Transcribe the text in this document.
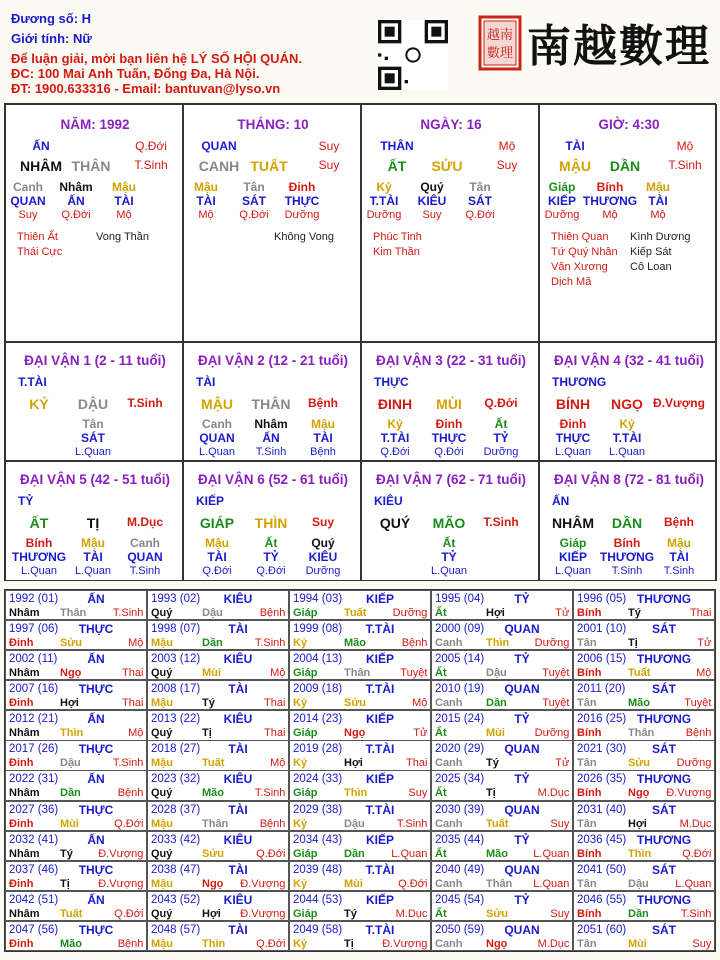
Đương số: H
Giới tính: Nữ
Để luận giải, mời bạn liên hệ LÝ SỐ HỘI QUÁN.
ĐC: 100 Mai Anh Tuấn, Đống Đa, Hà Nội.
ĐT: 1900.633316 - Email: bantuvan@lyso.vn
越南
數理 南越數理
NĂM: 1992
ẤN	Q.Đới
NHÂM THÂN T.Sinh
Canh Nhâm Mậu
QUAN ẤN TÀI
Suy Q.Đới Mộ
Thiên Ất
Thái Cực
Vong Thần
THÁNG: 10
QUAN	Suy
CANH TUẤT	Suy
Mậu Tân Đinh
TÀI SÁT THỰC
Mộ Q.Đới Dưỡng
Không Vong
NGÀY: 16
THÂN	Mộ
ẤT SỬU	Suy
Kỷ Quý Tân
T.TÀI KIÊU SÁT
Dưỡng Suy Q.Đới
Phúc Tinh
Kim Thần
GIỜ: 4:30
TÀI	Mộ
MẬU DẦN T.Sinh
Giáp Bính Mậu
KIẾP THƯƠNG TÀI
Dưỡng Mộ	Mộ
Thiên Quan
Tứ Quý Nhân
Văn Xương
Dịch Mã
Kình Dương
Kiếp Sát
Cô Loan
ĐẠI VẬN 1 (2 - 11 tuổi)
T.TÀI
KỶ DẬU T.Sinh
Tân
SÁT
L.Quan
ĐẠI VẬN 2 (12 - 21 tuổi)
TÀI
MẬU THÂN Bệnh
Canh Nhâm Mậu
QUAN ẤN	TÀI
L.Quan T.Sinh Bệnh
ĐẠI VẬN 3 (22 - 31 tuổi)
THỰC
ĐINH MÙI Q.Đới
Kỷ	Đinh	Ất
T.TÀI THỰC TỶ
Q.Đới Q.Đới Dưỡng
ĐẠI VẬN 4 (32 - 41 tuổi)
THƯƠNG
BÍNH NGỌ Đ.Vượng
Đinh	Kỷ
THỰC T.TÀI
L.Quan L.Quan
ĐẠI VẬN 5 (42 - 51 tuổi)
TỶ
ẤT	TỊ M.Dục
Bính Mậu Canh
THƯƠNG TÀI QUAN
L.Quan L.Quan T.Sinh
ĐẠI VẬN 6 (52 - 61 tuổi)
KIẾP
GIÁP THÌN Suy
Mậu	Ất	Quý
TÀI	TỶ KIÊU
Q.Đới Q.Đới Dưỡng
ĐẠI VẬN 7 (62 - 71 tuổi)
KIÊU
QUÝ MÃO T.Sinh
Ất
TỶ
L.Quan
ĐẠI VẬN 8 (72 - 81 tuổi)
ẤN
NHÂM DẦN Bệnh
Giáp Bính Mậu
KIẾP THƯƠNG TÀI
L.Quan T.Sinh T.Sinh
1992 (01) ẤN
Nhâm Thân T.Sinh
1993 (02) KIÊU
Quý	Dậu	Bệnh
1994 (03) KIẾP
Giáp Tuất Dưỡng
1995 (04)	TỶ
Ất	Hợi	Tử
1996 (05) THƯƠNG
Bính Tý	Thai
1997 (06) THỰC
Đinh Sửu	Mộ
1998 (07) TÀI
Mậu	Dần	T.Sinh
1999 (08) T.TÀI
Kỷ	Mão	Bệnh
2000 (09) QUAN
Canh Thìn Dưỡng
2001 (10) SÁT
Tân	Tị	Tử
2002 (11) ẤN
Nhâm Ngọ	Thai
2003 (12) KIÊU
Quý	Mùi	Mộ
2004 (13) KIẾP
Giáp Thân	Tuyệt
2005 (14)	TỶ
Ất	Dậu	Tuyệt
2006 (15) THƯƠNG
Bính Tuất	Mộ
2007 (16) THỰC
Đinh Hợi	Thai
2008 (17) TÀI
Mậu	Tý	Thai
2009 (18) T.TÀI
Kỷ	Sửu	Mộ
2010 (19) QUAN
Canh Dần	Tuyệt
2011 (20) SÁT
Tân	Mão	Tuyệt
2012 (21) ẤN
Nhâm Thìn	Mộ
2013 (22) KIÊU
Quý	Tị	Thai
2014 (23) KIẾP
Giáp Ngọ	Tử
2015 (24)	TỶ
Ất	Mùi	Dưỡng
2016 (25) THƯƠNG
Bính Thân	Bệnh
2017 (26) THỰC
Đinh Dậu	T.Sinh
2018 (27) TÀI
Mậu	Tuất	Mộ
2019 (28) T.TÀI
Kỷ	Hợi	Thai
2020 (29) QUAN
Canh Tý	Tử
2021 (30) SÁT
Tân	Sửu Dưỡng
2022 (31) ẤN
Nhâm Dần	Bệnh
2023 (32) KIÊU
Quý	Mão	T.Sinh
2024 (33) KIẾP
Giáp Thìn	Suy
2025 (34)	TỶ
Ất	Tị	M.Dục
2026 (35) THƯƠNG
Bính Ngọ Đ.Vượng
2027 (36) THỰC
Đinh Mùi	Q.Đới
2028 (37) TÀI
Mậu	Thân	Bệnh
2029 (38) T.TÀI
Kỷ	Dậu	T.Sinh
2030 (39) QUAN
Canh Tuất	Suy
2031 (40) SÁT
Tân	Hợi	M.Dục
2032 (41) ẤN
Nhâm Tý Đ.Vượng
2033 (42) KIÊU
Quý	Sửu	Q.Đới
2034 (43) KIẾP
Giáp Dần L.Quan
2035 (44)	TỶ
Ất	Mão L.Quan
2036 (45) THƯƠNG
Bính Thìn	Q.Đới
2037 (46) THỰC
Đinh Tị	Đ.Vượng
2038 (47) TÀI
Mậu	Ngọ Đ.Vượng
2039 (48) T.TÀI
Kỷ	Mùi	Q.Đới
2040 (49) QUAN
Canh Thân L.Quan
2041 (50) SÁT
Tân	Dậu L.Quan
2042 (51) ẤN
Nhâm Tuất	Q.Đới
2043 (52) KIÊU
Quý	Hợi Đ.Vượng
2044 (53) KIẾP
Giáp Tý	M.Dục
2045 (54)	TỶ
Ất	Sửu	Suy
2046 (55) THƯƠNG
Bính Dần	T.Sinh
2047 (56) THỰC
Đinh Mão	Bệnh
2048 (57) TÀI
Mậu	Thìn	Q.Đới
2049 (58) T.TÀI
Kỷ	Tị	Đ.Vượng
2050 (59) QUAN
Canh Ngọ	M.Dục
2051 (60) SÁT
Tân	Mùi	Suy
